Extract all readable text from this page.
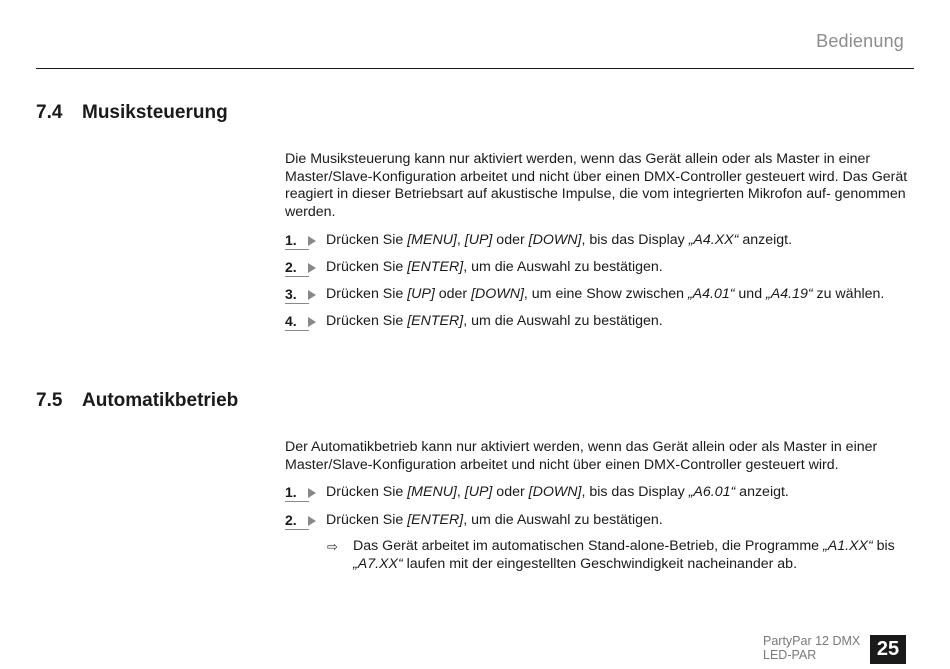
Bedienung
7.4 Musiksteuerung

Die Musiksteuerung kann nur aktiviert werden, wenn das Gerät allein oder als Master in einer Master/Slave-Konfiguration arbeitet und nicht über einen DMX-Controller gesteuert wird. Das Gerät reagiert in dieser Betriebsart auf akustische Impulse, die vom integrierten Mikrofon auf- genommen werden.

1. Drücken Sie [MENU], [UP] oder [DOWN], bis das Display „A4.XX“ anzeigt.
2. Drücken Sie [ENTER], um die Auswahl zu bestätigen.
3. Drücken Sie [UP] oder [DOWN], um eine Show zwischen „A4.01“ und „A4.19“ zu wählen.
4. Drücken Sie [ENTER], um die Auswahl zu bestätigen.
7.5 Automatikbetrieb

Der Automatikbetrieb kann nur aktiviert werden, wenn das Gerät allein oder als Master in einer Master/Slave-Konfiguration arbeitet und nicht über einen DMX-Controller gesteuert wird.

1. Drücken Sie [MENU], [UP] oder [DOWN], bis das Display „A6.01“ anzeigt.
2. Drücken Sie [ENTER], um die Auswahl zu bestätigen.
⇨ Das Gerät arbeitet im automatischen Stand-alone-Betrieb, die Programme „A1.XX“ bis „A7.XX“ laufen mit der eingestellten Geschwindigkeit nacheinander ab.
PartyPar 12 DMX
LED-PAR	25
